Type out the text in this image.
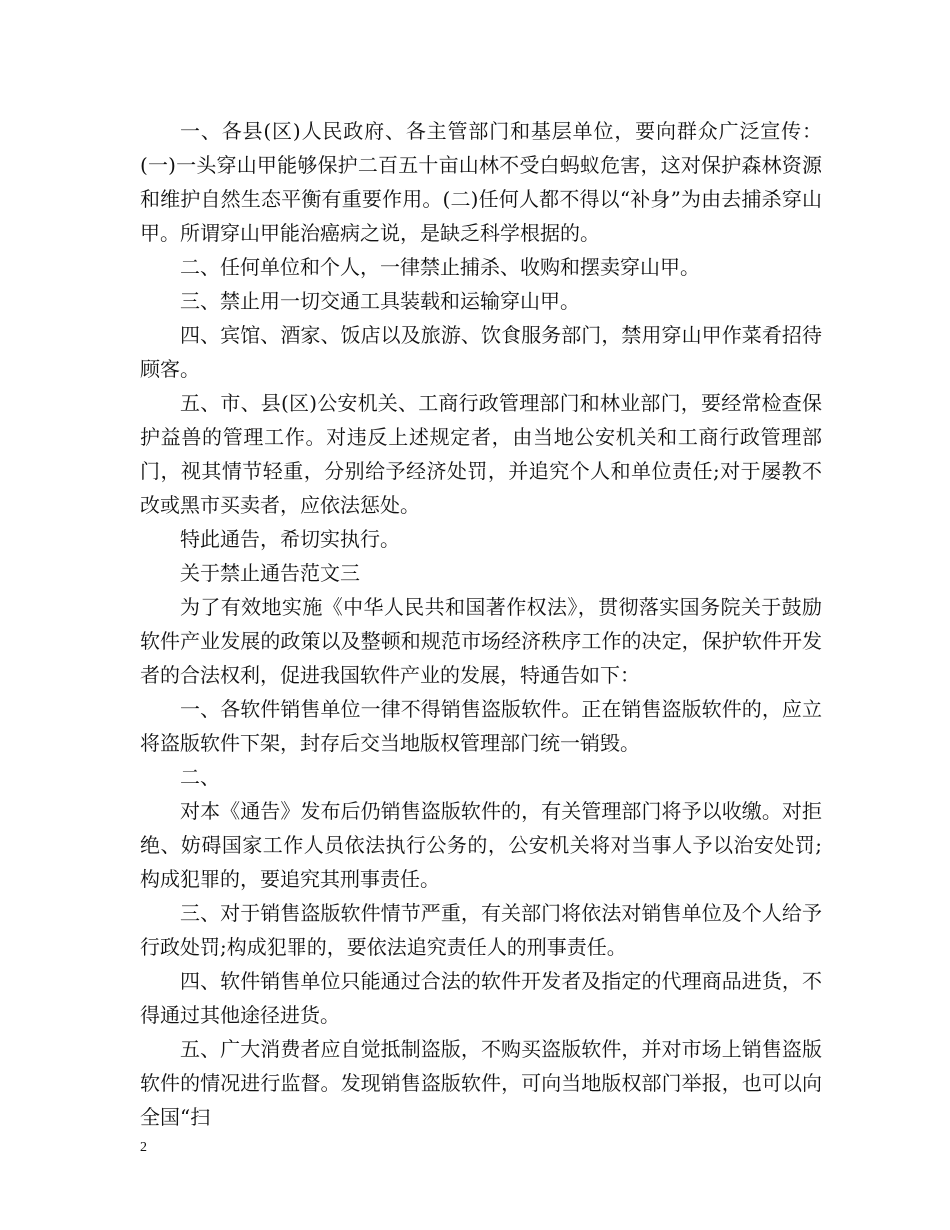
一、各县(区)人民政府、各主管部门和基层单位，要向群众广泛宣传：(一)一头穿山甲能够保护二百五十亩山林不受白蚂蚁危害，这对保护森林资源和维护自然生态平衡有重要作用。(二)任何人都不得以“补身”为由去捕杀穿山甲。所谓穿山甲能治癌病之说，是缺乏科学根据的。

二、任何单位和个人，一律禁止捕杀、收购和摆卖穿山甲。

三、禁止用一切交通工具装载和运输穿山甲。

四、宾馆、酒家、饭店以及旅游、饮食服务部门，禁用穿山甲作菜肴招待顾客。

五、市、县(区)公安机关、工商行政管理部门和林业部门，要经常检查保护益兽的管理工作。对违反上述规定者，由当地公安机关和工商行政管理部门，视其情节轻重，分别给予经济处罚，并追究个人和单位责任;对于屡教不改或黑市买卖者，应依法惩处。

特此通告，希切实执行。

关于禁止通告范文三

为了有效地实施《中华人民共和国著作权法》，贯彻落实国务院关于鼓励软件产业发展的政策以及整顿和规范市场经济秩序工作的决定，保护软件开发者的合法权利，促进我国软件产业的发展，特通告如下：

一、各软件销售单位一律不得销售盗版软件。正在销售盗版软件的，应立将盗版软件下架，封存后交当地版权管理部门统一销毁。

二、

对本《通告》发布后仍销售盗版软件的，有关管理部门将予以收缴。对拒绝、妨碍国家工作人员依法执行公务的，公安机关将对当事人予以治安处罚;构成犯罪的，要追究其刑事责任。

三、对于销售盗版软件情节严重，有关部门将依法对销售单位及个人给予行政处罚;构成犯罪的，要依法追究责任人的刑事责任。

四、软件销售单位只能通过合法的软件开发者及指定的代理商品进货，不得通过其他途径进货。

五、广大消费者应自觉抵制盗版，不购买盗版软件，并对市场上销售盗版软件的情况进行监督。发现销售盗版软件，可向当地版权部门举报，也可以向全国“扫

2
